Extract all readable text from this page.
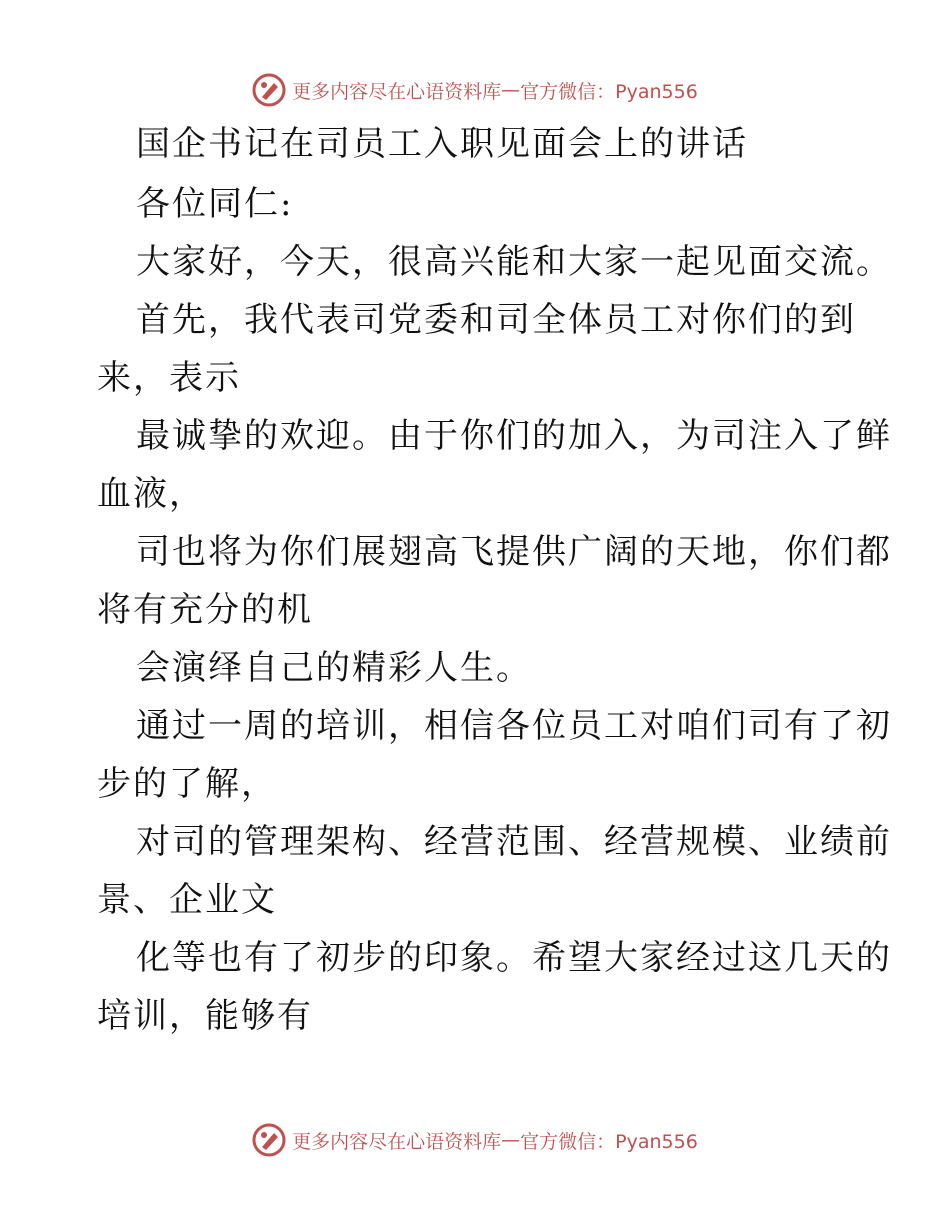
更多内容尽在心语资料库 — 官方微信：Pyan556
国企书记在司员工入职见面会上的讲话
各位同仁:
大家好，今天，很高兴能和大家一起见面交流。
首先，我代表司党委和司全体员工对你们的到
来，表示
最诚挚的欢迎。由于你们的加入，为司注入了鲜
血液，
司也将为你们展翅高飞提供广阔的天地，你们都
将有充分的机
会演绎自己的精彩人生。
通过一周的培训，相信各位员工对咱们司有了初
步的了解，
对司的管理架构、经营范围、经营规模、业绩前
景、企业文
化等也有了初步的印象。希望大家经过这几天的
培训，能够有
更多内容尽在心语资料库 — 官方微信：Pyan556
